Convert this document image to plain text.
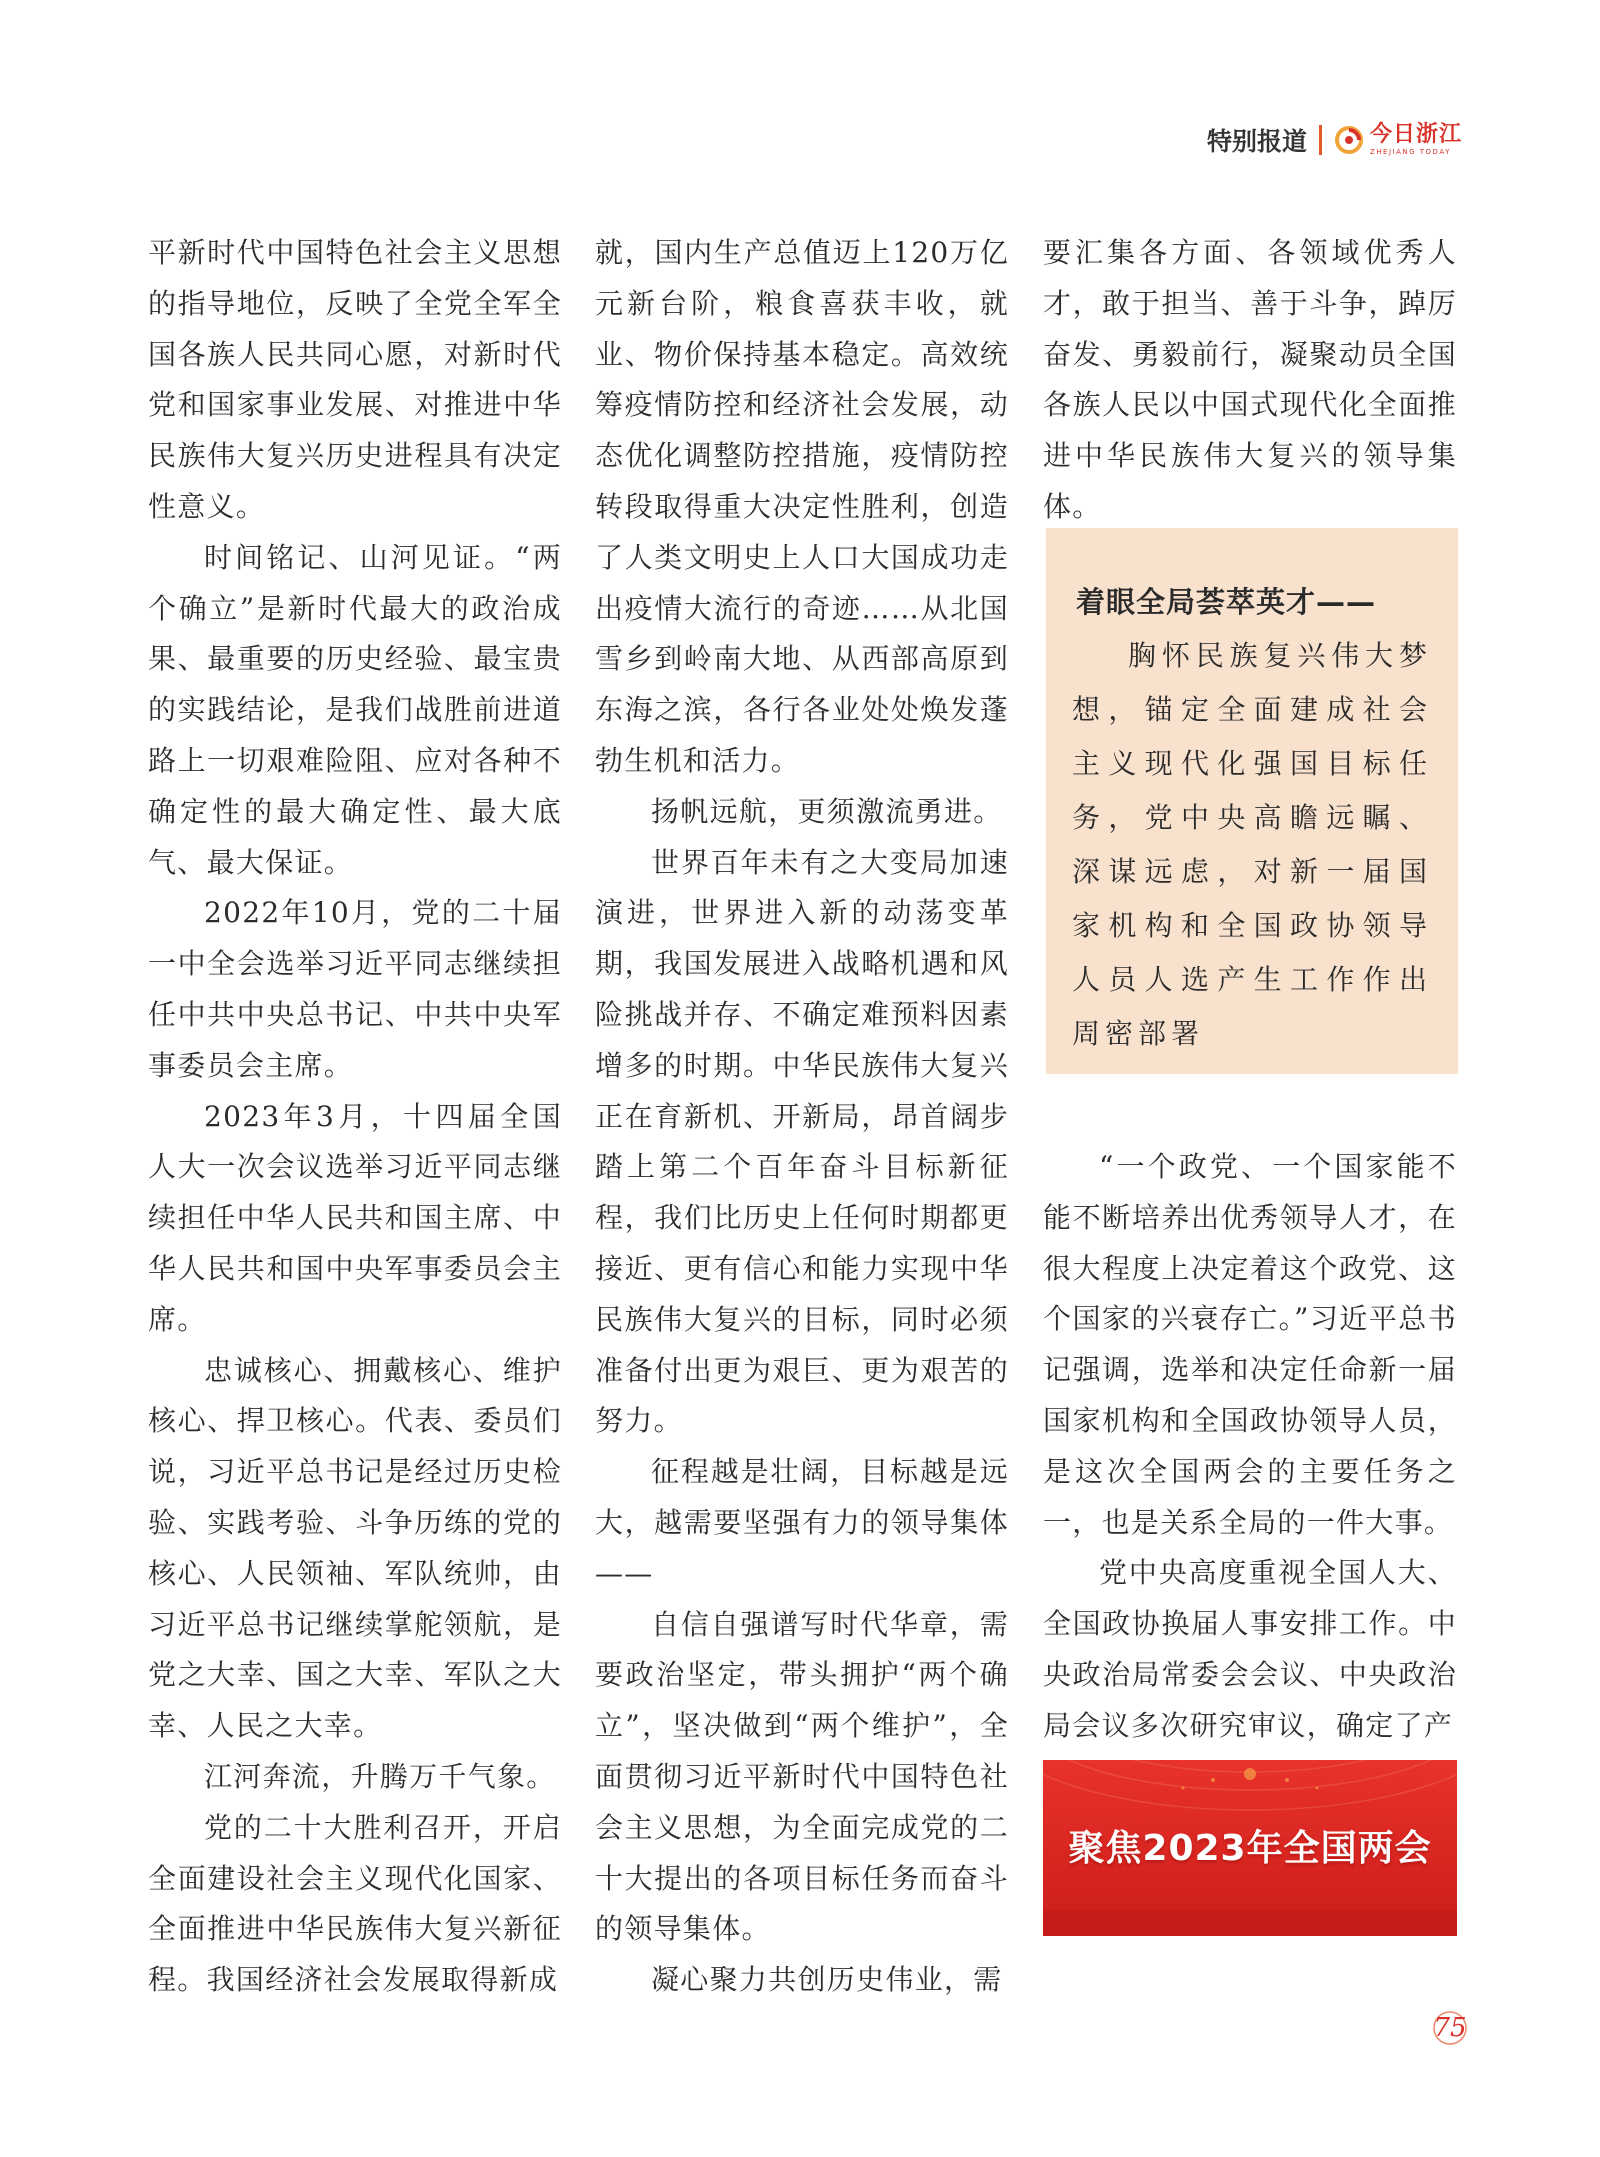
特别报道	今日浙江
ZHEJIANG TODAY

平新时代中国特色社会主义思想的指导地位，反映了全党全军全国各族人民共同心愿，对新时代党和国家事业发展、对推进中华民族伟大复兴历史进程具有决定性意义。

时间铭记、山河见证。“两个确立”是新时代最大的政治成果、最重要的历史经验、最宝贵的实践结论，是我们战胜前进道路上一切艰难险阻、应对各种不确定性的最大确定性、最大底气、最大保证。

2022年10月，党的二十届一中全会选举习近平同志继续担任中共中央总书记、中共中央军事委员会主席。

2023年3月，十四届全国人大一次会议选举习近平同志继续担任中华人民共和国主席、中华人民共和国中央军事委员会主席。

忠诚核心、拥戴核心、维护核心、捍卫核心。代表、委员们说，习近平总书记是经过历史检验、实践考验、斗争历练的党的核心、人民领袖、军队统帅，由习近平总书记继续掌舵领航，是党之大幸、国之大幸、军队之大幸、人民之大幸。

江河奔流，升腾万千气象。

党的二十大胜利召开，开启全面建设社会主义现代化国家、全面推进中华民族伟大复兴新征程。我国经济社会发展取得新成

就，国内生产总值迈上120万亿元新台阶，粮食喜获丰收，就业、物价保持基本稳定。高效统筹疫情防控和经济社会发展，动态优化调整防控措施，疫情防控转段取得重大决定性胜利，创造了人类文明史上人口大国成功走出疫情大流行的奇迹……从北国雪乡到岭南大地、从西部高原到东海之滨，各行各业处处焕发蓬勃生机和活力。

扬帆远航，更须激流勇进。

世界百年未有之大变局加速演进，世界进入新的动荡变革期，我国发展进入战略机遇和风险挑战并存、不确定难预料因素增多的时期。中华民族伟大复兴正在育新机、开新局，昂首阔步踏上第二个百年奋斗目标新征程，我们比历史上任何时期都更接近、更有信心和能力实现中华民族伟大复兴的目标，同时必须准备付出更为艰巨、更为艰苦的努力。

征程越是壮阔，目标越是远大，越需要坚强有力的领导集体——

自信自强谱写时代华章，需要政治坚定，带头拥护“两个确立”，坚决做到“两个维护”，全面贯彻习近平新时代中国特色社会主义思想，为全面完成党的二十大提出的各项目标任务而奋斗的领导集体。

凝心聚力共创历史伟业，需

要汇集各方面、各领域优秀人才，敢于担当、善于斗争，踔厉奋发、勇毅前行，凝聚动员全国各族人民以中国式现代化全面推进中华民族伟大复兴的领导集体。

着眼全局荟萃英才——

胸怀民族复兴伟大梦想，锚定全面建成社会主义现代化强国目标任务，党中央高瞻远瞩、深谋远虑，对新一届国家机构和全国政协领导人员人选产生工作作出周密部署

“一个政党、一个国家能不能不断培养出优秀领导人才，在很大程度上决定着这个政党、这个国家的兴衰存亡。”习近平总书记强调，选举和决定任命新一届国家机构和全国政协领导人员，是这次全国两会的主要任务之一，也是关系全局的一件大事。

党中央高度重视全国人大、全国政协换届人事安排工作。中央政治局常委会会议、中央政治局会议多次研究审议，确定了产

聚焦2023年全国两会
75
